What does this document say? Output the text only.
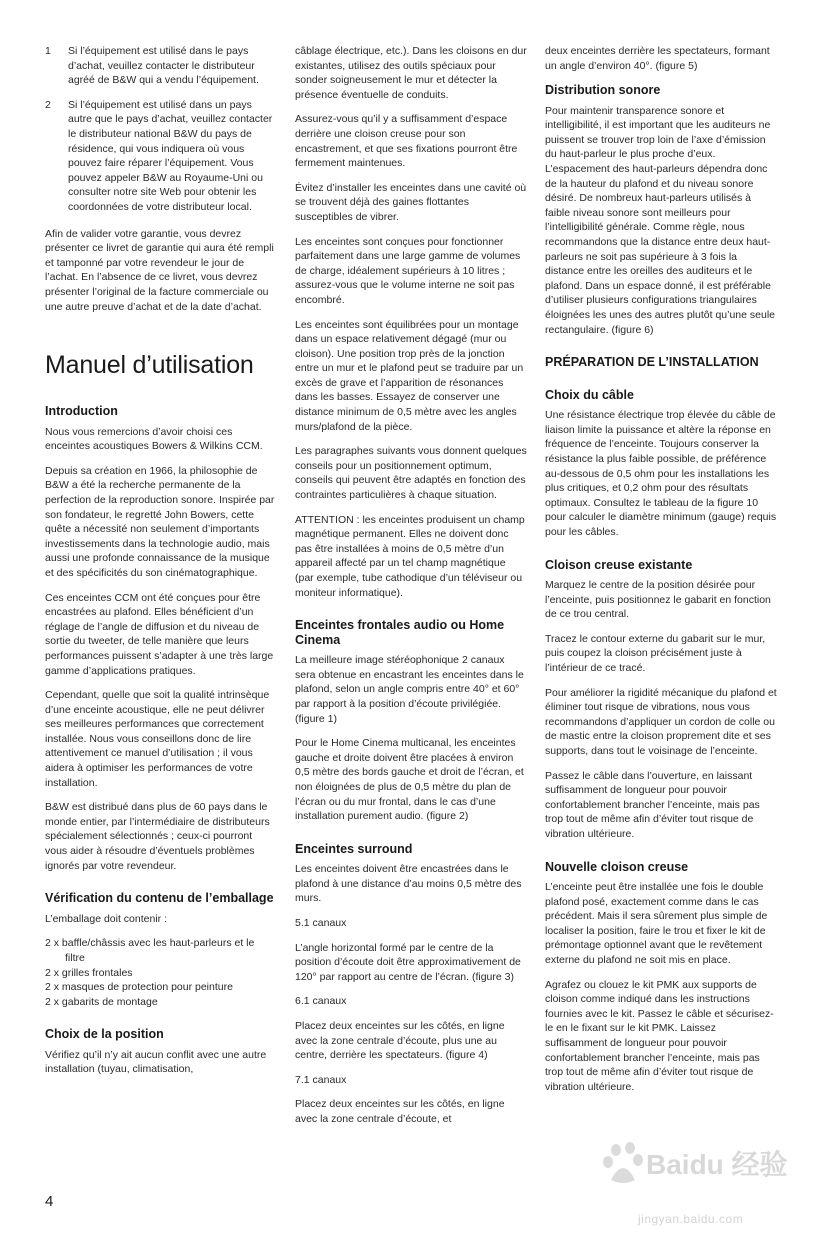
1 Si l’équipement est utilisé dans le pays d’achat, veuillez contacter le distributeur agréé de B&W qui a vendu l’équipement.
2 Si l’équipement est utilisé dans un pays autre que le pays d’achat, veuillez contacter le distributeur national B&W du pays de résidence, qui vous indiquera où vous pouvez faire réparer l’équipement. Vous pouvez appeler B&W au Royaume-Uni ou consulter notre site Web pour obtenir les coordonnées de votre distributeur local.

Afin de valider votre garantie, vous devrez présenter ce livret de garantie qui aura été rempli et tamponné par votre revendeur le jour de l’achat. En l’absence de ce livret, vous devrez présenter l’original de la facture commerciale ou une autre preuve d’achat et de la date d’achat.

Manuel d’utilisation
Introduction

Nous vous remercions d’avoir choisi ces enceintes acoustiques Bowers & Wilkins CCM.

Depuis sa création en 1966, la philosophie de B&W a été la recherche permanente de la perfection de la reproduction sonore. Inspirée par son fondateur, le regretté John Bowers, cette quête a nécessité non seulement d’importants investissements dans la technologie audio, mais aussi une profonde connaissance de la musique et des spécificités du son cinématographique.

Ces enceintes CCM ont été conçues pour être encastrées au plafond. Elles bénéficient d’un réglage de l’angle de diffusion et du niveau de sortie du tweeter, de telle manière que leurs performances puissent s’adapter à une très large gamme d’applications pratiques.

Cependant, quelle que soit la qualité intrinsèque d’une enceinte acoustique, elle ne peut délivrer ses meilleures performances que correctement installée. Nous vous conseillons donc de lire attentivement ce manuel d’utilisation ; il vous aidera à optimiser les performances de votre installation.

B&W est distribué dans plus de 60 pays dans le monde entier, par l’intermédiaire de distributeurs spécialement sélectionnés ; ceux-ci pourront vous aider à résoudre d’éventuels problèmes ignorés par votre revendeur.

Vérification du contenu de l’emballage

L’emballage doit contenir :

2 x baffle/châssis avec les haut-parleurs et le filtre
2 x grilles frontales
2 x masques de protection pour peinture
2 x gabarits de montage
Choix de la position

Vérifiez qu’il n’y ait aucun conflit avec une autre installation (tuyau, climatisation,

câblage électrique, etc.). Dans les cloisons en dur existantes, utilisez des outils spéciaux pour sonder soigneusement le mur et détecter la présence éventuelle de conduits.

Assurez-vous qu’il y a suffisamment d’espace derrière une cloison creuse pour son encastrement, et que ses fixations pourront être fermement maintenues.

Évitez d’installer les enceintes dans une cavité où se trouvent déjà des gaines flottantes susceptibles de vibrer.

Les enceintes sont conçues pour fonctionner parfaitement dans une large gamme de volumes de charge, idéalement supérieurs à 10 litres ; assurez-vous que le volume interne ne soit pas encombré.

Les enceintes sont équilibrées pour un montage dans un espace relativement dégagé (mur ou cloison). Une position trop près de la jonction entre un mur et le plafond peut se traduire par un excès de grave et l’apparition de résonances dans les basses. Essayez de conserver une distance minimum de 0,5 mètre avec les angles murs/plafond de la pièce.

Les paragraphes suivants vous donnent quelques conseils pour un positionnement optimum, conseils qui peuvent être adaptés en fonction des contraintes particulières à chaque situation.

ATTENTION : les enceintes produisent un champ magnétique permanent. Elles ne doivent donc pas être installées à moins de 0,5 mètre d’un appareil affecté par un tel champ magnétique (par exemple, tube cathodique d’un téléviseur ou moniteur informatique).

Enceintes frontales audio ou Home Cinema

La meilleure image stéréophonique 2 canaux sera obtenue en encastrant les enceintes dans le plafond, selon un angle compris entre 40° et 60° par rapport à la position d’écoute privilégiée. (figure 1)

Pour le Home Cinema multicanal, les enceintes gauche et droite doivent être placées à environ 0,5 mètre des bords gauche et droit de l’écran, et non éloignées de plus de 0,5 mètre du plan de l’écran ou du mur frontal, dans le cas d’une installation purement audio. (figure 2)

Enceintes surround

Les enceintes doivent être encastrées dans le plafond à une distance d’au moins 0,5 mètre des murs.

5.1 canaux

L’angle horizontal formé par le centre de la position d’écoute doit être approximativement de 120° par rapport au centre de l’écran. (figure 3)

6.1 canaux

Placez deux enceintes sur les côtés, en ligne avec la zone centrale d’écoute, plus une au centre, derrière les spectateurs. (figure 4)

7.1 canaux

Placez deux enceintes sur les côtés, en ligne avec la zone centrale d’écoute, et

deux enceintes derrière les spectateurs, formant un angle d’environ 40°. (figure 5)

Distribution sonore

Pour maintenir transparence sonore et intelligibilité, il est important que les auditeurs ne puissent se trouver trop loin de l’axe d’émission du haut-parleur le plus proche d’eux. L’espacement des haut-parleurs dépendra donc de la hauteur du plafond et du niveau sonore désiré. De nombreux haut-parleurs utilisés à faible niveau sonore sont meilleurs pour l’intelligibilité générale. Comme règle, nous recommandons que la distance entre deux haut-parleurs ne soit pas supérieure à 3 fois la distance entre les oreilles des auditeurs et le plafond. Dans un espace donné, il est préférable d’utiliser plusieurs configurations triangulaires éloignées les unes des autres plutôt qu’une seule rectangulaire. (figure 6)

PRÉPARATION DE L’INSTALLATION
Choix du câble

Une résistance électrique trop élevée du câble de liaison limite la puissance et altère la réponse en fréquence de l’enceinte. Toujours conserver la résistance la plus faible possible, de préférence au-dessous de 0,5 ohm pour les installations les plus critiques, et 0,2 ohm pour des résultats optimaux. Consultez le tableau de la figure 10 pour calculer le diamètre minimum (gauge) requis pour les câbles.

Cloison creuse existante

Marquez le centre de la position désirée pour l’enceinte, puis positionnez le gabarit en fonction de ce trou central.

Tracez le contour externe du gabarit sur le mur, puis coupez la cloison précisément juste à l’intérieur de ce tracé.

Pour améliorer la rigidité mécanique du plafond et éliminer tout risque de vibrations, nous vous recommandons d’appliquer un cordon de colle ou de mastic entre la cloison proprement dite et ses supports, dans tout le voisinage de l’enceinte.

Passez le câble dans l’ouverture, en laissant suffisamment de longueur pour pouvoir confortablement brancher l’enceinte, mais pas trop tout de même afin d’éviter tout risque de vibration ultérieure.

Nouvelle cloison creuse

L’enceinte peut être installée une fois le double plafond posé, exactement comme dans le cas précédent. Mais il sera sûrement plus simple de localiser la position, faire le trou et fixer le kit de prémontage optionnel avant que le revêtement externe du plafond ne soit mis en place.

Agrafez ou clouez le kit PMK aux supports de cloison comme indiqué dans les instructions fournies avec le kit. Passez le câble et sécurisez-le en le fixant sur le kit PMK. Laissez suffisamment de longueur pour pouvoir confortablement brancher l’enceinte, mais pas trop tout de même afin d’éviter tout risque de vibration ultérieure.

4
Baidu 经验
jingyan.baidu.com
